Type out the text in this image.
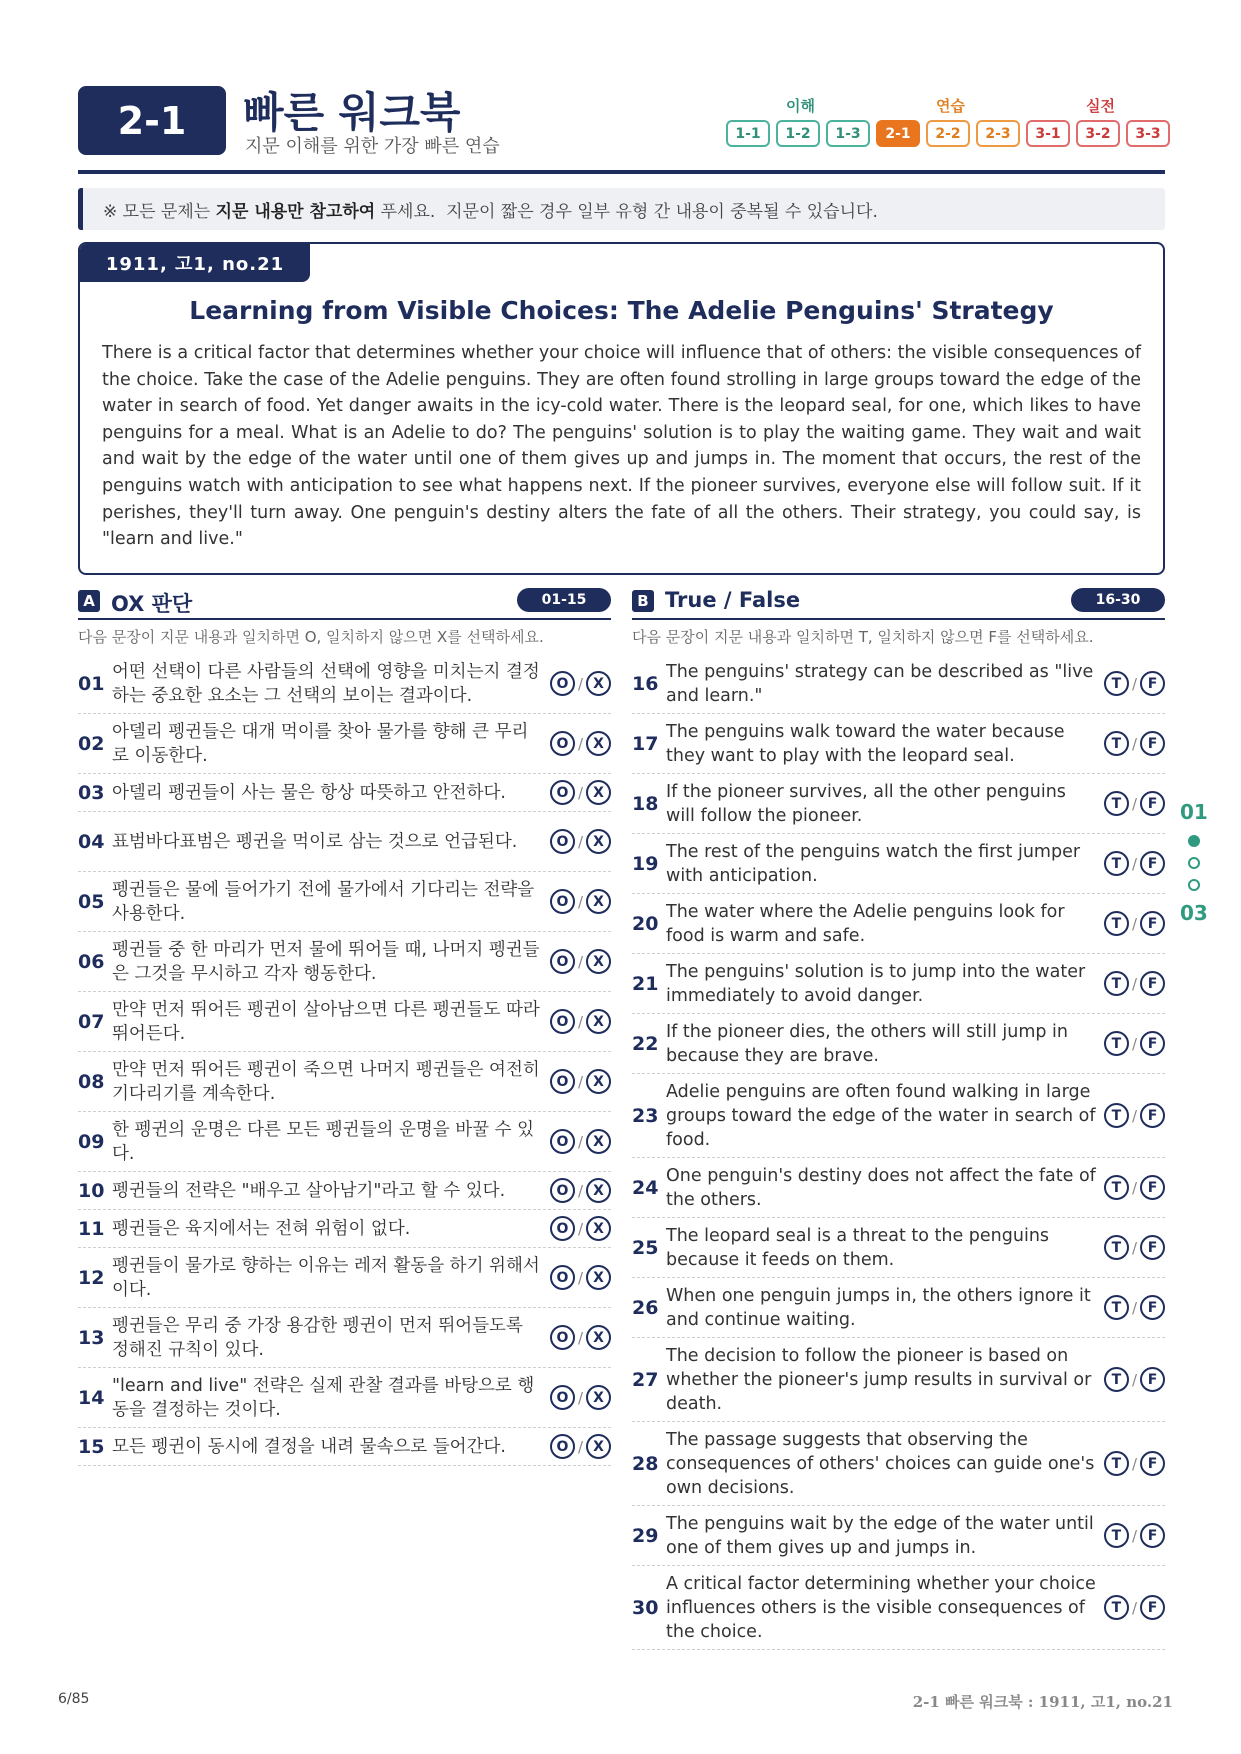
2-1 빠른 워크북
지문 이해를 위한 가장 빠른 연습
이해	연습	실전
1-1	1-2	1-3	2-1	2-2	2-3	3-1	3-2	3-3
※ 모든 문제는 지문 내용만 참고하여 푸세요.  지문이 짧은 경우 일부 유형 간 내용이 중복될 수 있습니다.
1911, 고1, no.21
Learning from Visible Choices: The Adelie Penguins' Strategy
There is a critical factor that determines whether your choice will influence that of others: the visible consequences of the choice. Take the case of the Adelie penguins. They are often found strolling in large groups toward the edge of the water in search of food. Yet danger awaits in the icy-cold water. There is the leopard seal, for one, which likes to have penguins for a meal. What is an Adelie to do? The penguins' solution is to play the waiting game. They wait and wait and wait by the edge of the water until one of them gives up and jumps in. The moment that occurs, the rest of the penguins watch with anticipation to see what happens next. If the pioneer survives, everyone else will follow suit. If it perishes, they'll turn away. One penguin's destiny alters the fate of all the others. Their strategy, you could say, is "learn and live."
A OX 판단	01-15
다음 문장이 지문 내용과 일치하면 O, 일치하지 않으면 X를 선택하세요.
01
어떤 선택이 다른 사람들의 선택에 영향을 미치는지 결정하는 중요한 요소는 그 선택의 보이는 결과이다.
O / X
02
아델리 펭귄들은 대개 먹이를 찾아 물가를 향해 큰 무리로 이동한다.
O / X
03 아델리 펭귄들이 사는 물은 항상 따뜻하고 안전하다.	O / X
04 표범바다표범은 펭귄을 먹이로 삼는 것으로 언급된다.	O / X
05
펭귄들은 물에 들어가기 전에 물가에서 기다리는 전략을 사용한다.
O / X
06
펭귄들 중 한 마리가 먼저 물에 뛰어들 때, 나머지 펭귄들은 그것을 무시하고 각자 행동한다.
O / X
07
만약 먼저 뛰어든 펭귄이 살아남으면 다른 펭귄들도 따라 뛰어든다.
O / X
08
만약 먼저 뛰어든 펭귄이 죽으면 나머지 펭귄들은 여전히 기다리기를 계속한다.
O / X
09
한 펭귄의 운명은 다른 모든 펭귄들의 운명을 바꿀 수 있다.
O / X
10 펭귄들의 전략은 "배우고 살아남기"라고 할 수 있다.	O / X
11 펭귄들은 육지에서는 전혀 위험이 없다.	O / X
12
펭귄들이 물가로 향하는 이유는 레저 활동을 하기 위해서이다.
O / X
13
펭귄들은 무리 중 가장 용감한 펭귄이 먼저 뛰어들도록 정해진 규칙이 있다.
O / X
14
"learn and live" 전략은 실제 관찰 결과를 바탕으로 행동을 결정하는 것이다.
O / X
15 모든 펭귄이 동시에 결정을 내려 물속으로 들어간다.	O / X
B True / False	16-30
다음 문장이 지문 내용과 일치하면 T, 일치하지 않으면 F를 선택하세요.
16
The penguins' strategy can be described as "live and learn."
T / F
17
The penguins walk toward the water because they want to play with the leopard seal.
T / F
18
If the pioneer survives, all the other penguins will follow the pioneer.
T / F
19
The rest of the penguins watch the first jumper with anticipation.
T / F
20
The water where the Adelie penguins look for food is warm and safe.
T / F
21
The penguins' solution is to jump into the water immediately to avoid danger.
T / F
22
If the pioneer dies, the others will still jump in because they are brave.
T / F
23
Adelie penguins are often found walking in large groups toward the edge of the water in search of food.
T / F
24
One penguin's destiny does not affect the fate of the others.
T / F
25
The leopard seal is a threat to the penguins because it feeds on them.
T / F
26
When one penguin jumps in, the others ignore it and continue waiting.
T / F
27
The decision to follow the pioneer is based on whether the pioneer's jump results in survival or death.
T / F
28
The passage suggests that observing the consequences of others' choices can guide one's own decisions.
T / F
29
The penguins wait by the edge of the water until one of them gives up and jumps in.
T / F
30
A critical factor determining whether your choice influences others is the visible consequences of the choice.
T / F
01
03
6/85	2-1 빠른 워크북 : 1911, 고1, no.21
